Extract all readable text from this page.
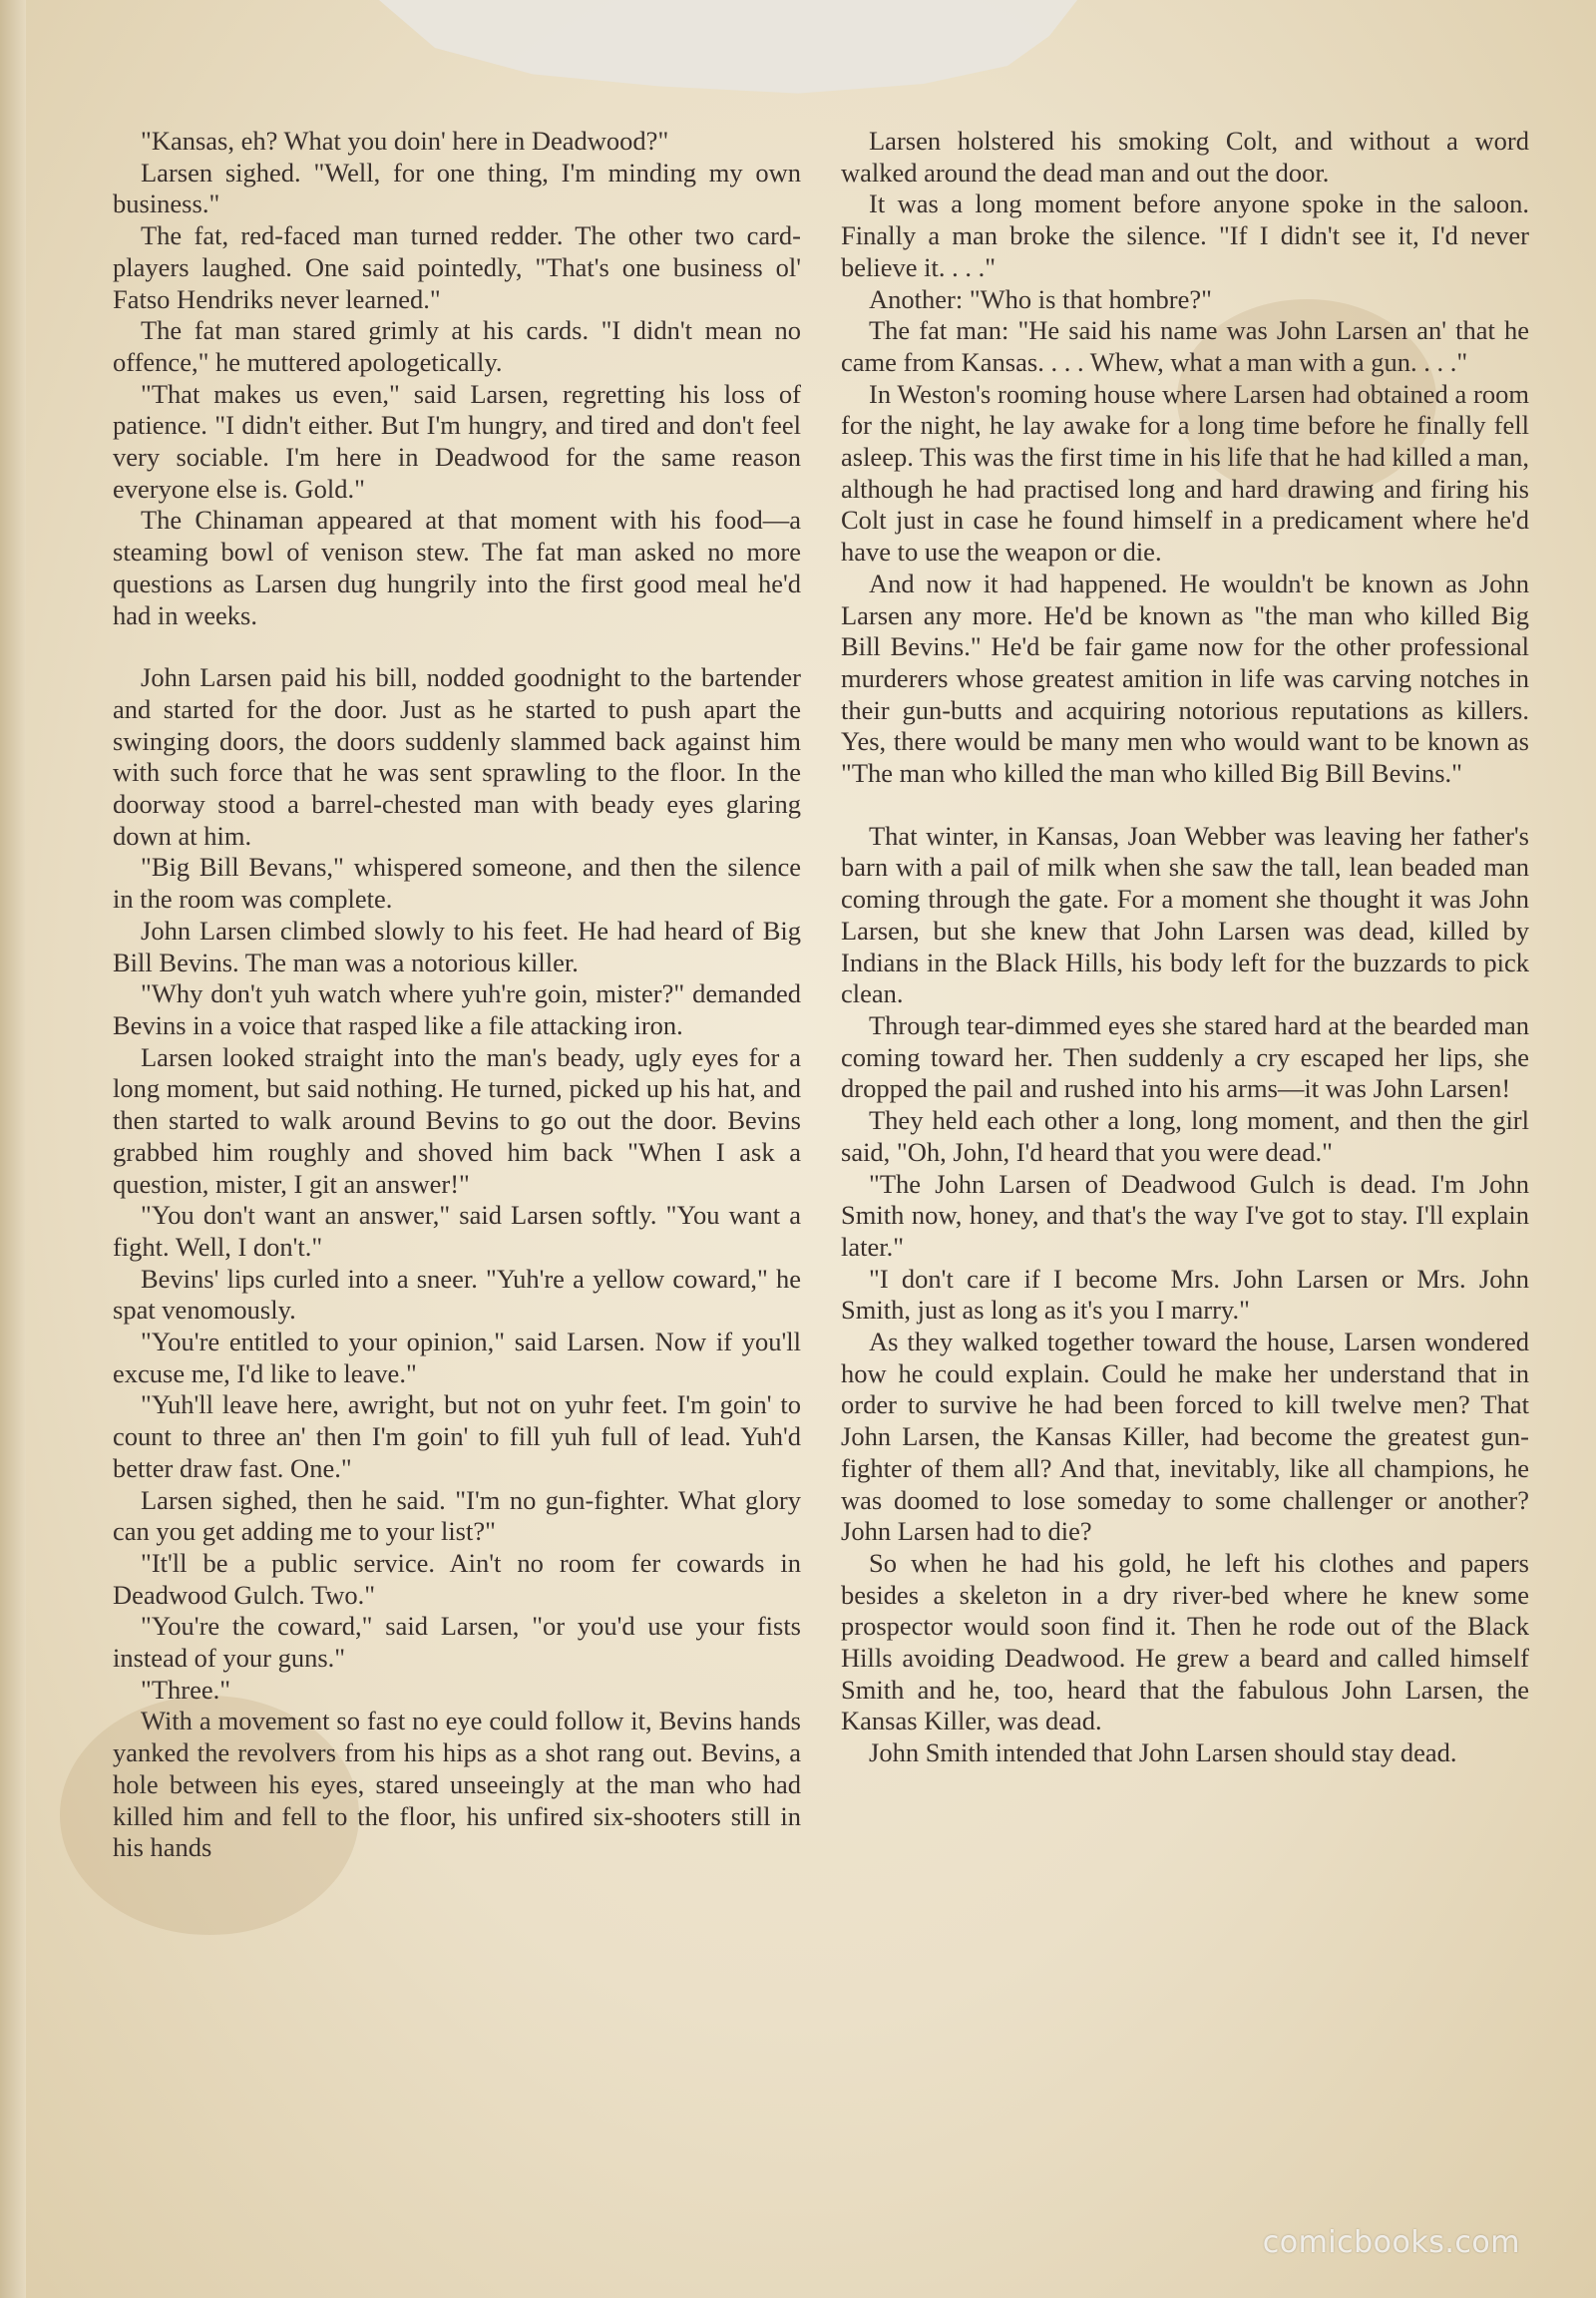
"Kansas, eh? What you doin' here in Deadwood?"

Larsen sighed. "Well, for one thing, I'm minding my own business."

The fat, red-faced man turned redder. The other two card-players laughed. One said pointedly, "That's one business ol' Fatso Hendriks never learned."

The fat man stared grimly at his cards. "I didn't mean no offence," he muttered apologetically.

"That makes us even," said Larsen, regretting his loss of patience. "I didn't either. But I'm hungry, and tired and don't feel very sociable. I'm here in Deadwood for the same reason everyone else is. Gold."

The Chinaman appeared at that moment with his food—a steaming bowl of venison stew. The fat man asked no more questions as Larsen dug hungrily into the first good meal he'd had in weeks.

John Larsen paid his bill, nodded goodnight to the bartender and started for the door. Just as he started to push apart the swinging doors, the doors suddenly slammed back against him with such force that he was sent sprawling to the floor. In the doorway stood a barrel-chested man with beady eyes glaring down at him.

"Big Bill Bevans," whispered someone, and then the silence in the room was complete.

John Larsen climbed slowly to his feet. He had heard of Big Bill Bevins. The man was a notorious killer.

"Why don't yuh watch where yuh're goin, mister?" demanded Bevins in a voice that rasped like a file attacking iron.

Larsen looked straight into the man's beady, ugly eyes for a long moment, but said nothing. He turned, picked up his hat, and then started to walk around Bevins to go out the door. Bevins grabbed him roughly and shoved him back "When I ask a question, mister, I git an answer!"

"You don't want an answer," said Larsen softly. "You want a fight. Well, I don't."

Bevins' lips curled into a sneer. "Yuh're a yellow coward," he spat venomously.

"You're entitled to your opinion," said Larsen. Now if you'll excuse me, I'd like to leave."

"Yuh'll leave here, awright, but not on yuhr feet. I'm goin' to count to three an' then I'm goin' to fill yuh full of lead. Yuh'd better draw fast. One."

Larsen sighed, then he said. "I'm no gun-fighter. What glory can you get adding me to your list?"

"It'll be a public service. Ain't no room fer cowards in Deadwood Gulch. Two."

"You're the coward," said Larsen, "or you'd use your fists instead of your guns."

"Three."

With a movement so fast no eye could follow it, Bevins hands yanked the revolvers from his hips as a shot rang out. Bevins, a hole between his eyes, stared unseeingly at the man who had killed him and fell to the floor, his unfired six-shooters still in his hands

Larsen holstered his smoking Colt, and without a word walked around the dead man and out the door.

It was a long moment before anyone spoke in the saloon. Finally a man broke the silence. "If I didn't see it, I'd never believe it. . . ."

Another: "Who is that hombre?"

The fat man: "He said his name was John Larsen an' that he came from Kansas. . . . Whew, what a man with a gun. . . ."

In Weston's rooming house where Larsen had obtained a room for the night, he lay awake for a long time before he finally fell asleep. This was the first time in his life that he had killed a man, although he had practised long and hard drawing and firing his Colt just in case he found himself in a predicament where he'd have to use the weapon or die.

And now it had happened. He wouldn't be known as John Larsen any more. He'd be known as "the man who killed Big Bill Bevins." He'd be fair game now for the other professional murderers whose greatest amition in life was carving notches in their gun-butts and acquiring notorious reputations as killers. Yes, there would be many men who would want to be known as "The man who killed the man who killed Big Bill Bevins."

That winter, in Kansas, Joan Webber was leaving her father's barn with a pail of milk when she saw the tall, lean beaded man coming through the gate. For a moment she thought it was John Larsen, but she knew that John Larsen was dead, killed by Indians in the Black Hills, his body left for the buzzards to pick clean.

Through tear-dimmed eyes she stared hard at the bearded man coming toward her. Then suddenly a cry escaped her lips, she dropped the pail and rushed into his arms—it was John Larsen!

They held each other a long, long moment, and then the girl said, "Oh, John, I'd heard that you were dead."

"The John Larsen of Deadwood Gulch is dead. I'm John Smith now, honey, and that's the way I've got to stay. I'll explain later."

"I don't care if I become Mrs. John Larsen or Mrs. John Smith, just as long as it's you I marry."

As they walked together toward the house, Larsen wondered how he could explain. Could he make her understand that in order to survive he had been forced to kill twelve men? That John Larsen, the Kansas Killer, had become the greatest gun-fighter of them all? And that, inevitably, like all champions, he was doomed to lose someday to some challenger or another? John Larsen had to die?

So when he had his gold, he left his clothes and papers besides a skeleton in a dry river-bed where he knew some prospector would soon find it. Then he rode out of the Black Hills avoiding Deadwood. He grew a beard and called himself Smith and he, too, heard that the fabulous John Larsen, the Kansas Killer, was dead.

John Smith intended that John Larsen should stay dead.

comicbooks.com
